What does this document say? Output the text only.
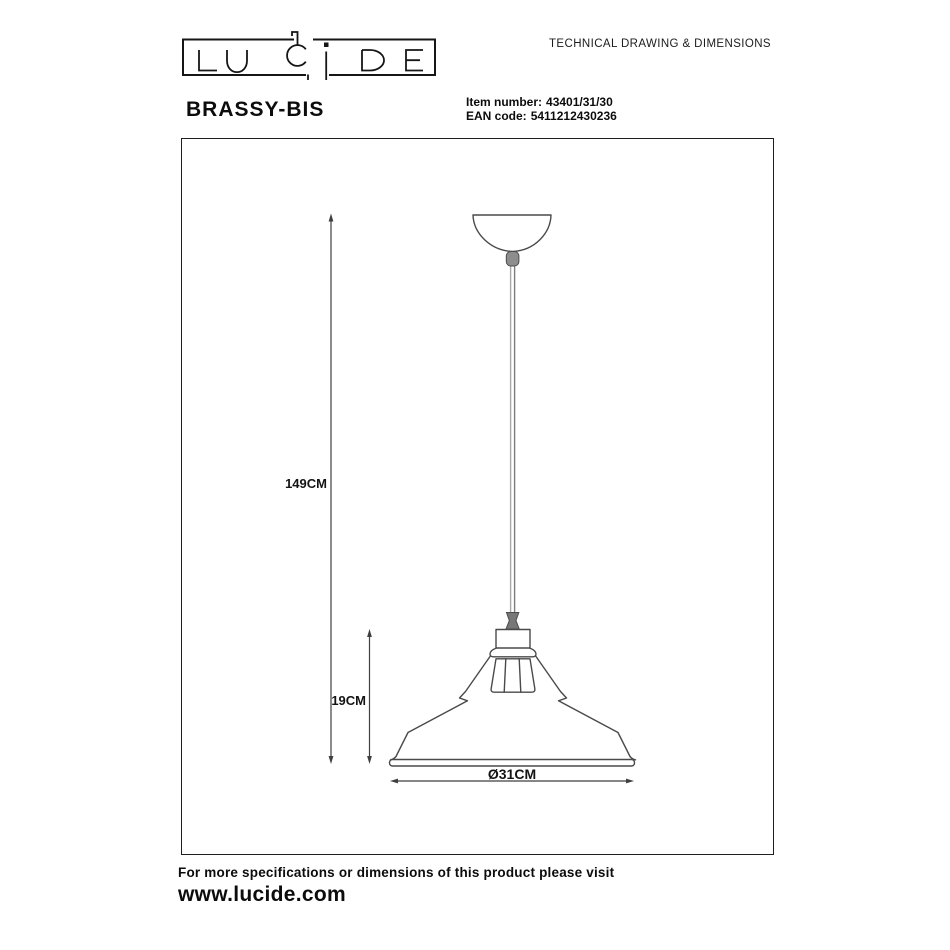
TECHNICAL DRAWING & DIMENSIONS
BRASSY-BIS	Item number: 43401/31/30
EAN code: 5411212430236
149CM
19CM
Ø31CM
For more specifications or dimensions of this product please visit
www.lucide.com
